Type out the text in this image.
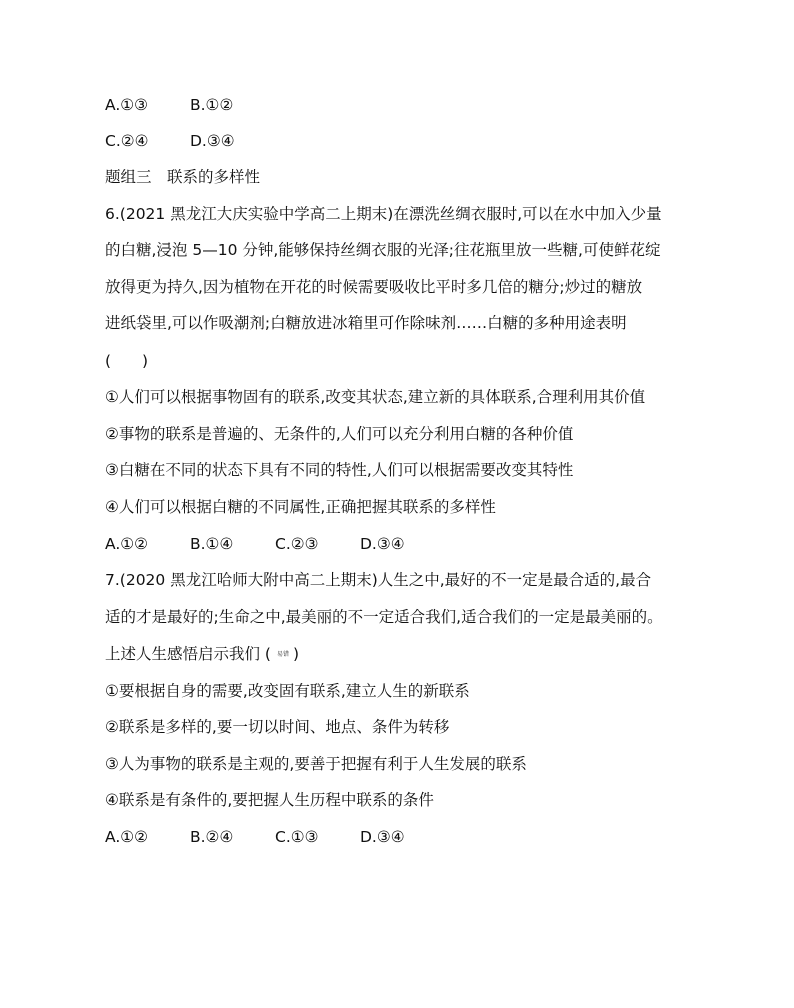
A.①③	B.①②
C.②④	D.③④
题组三　联系的多样性
6.(2021 黑龙江大庆实验中学高二上期末)在漂洗丝绸衣服时,可以在水中加入少量
的白糖,浸泡 5—10 分钟,能够保持丝绸衣服的光泽;往花瓶里放一些糖,可使鲜花绽
放得更为持久,因为植物在开花的时候需要吸收比平时多几倍的糖分;炒过的糖放
进纸袋里,可以作吸潮剂;白糖放进冰箱里可作除味剂……白糖的多种用途表明
(　　)
①人们可以根据事物固有的联系,改变其状态,建立新的具体联系,合理利用其价值
②事物的联系是普遍的、无条件的,人们可以充分利用白糖的各种价值
③白糖在不同的状态下具有不同的特性,人们可以根据需要改变其特性
④人们可以根据白糖的不同属性,正确把握其联系的多样性
A.①②	B.①④	C.②③	D.③④
7.(2020 黑龙江哈师大附中高二上期末)人生之中,最好的不一定是最合适的,最合
适的才是最好的;生命之中,最美丽的不一定适合我们,适合我们的一定是最美丽的。
上述人生感悟启示我们 ( 易错 )
①要根据自身的需要,改变固有联系,建立人生的新联系
②联系是多样的,要一切以时间、地点、条件为转移
③人为事物的联系是主观的,要善于把握有利于人生发展的联系
④联系是有条件的,要把握人生历程中联系的条件
A.①②	B.②④	C.①③	D.③④
